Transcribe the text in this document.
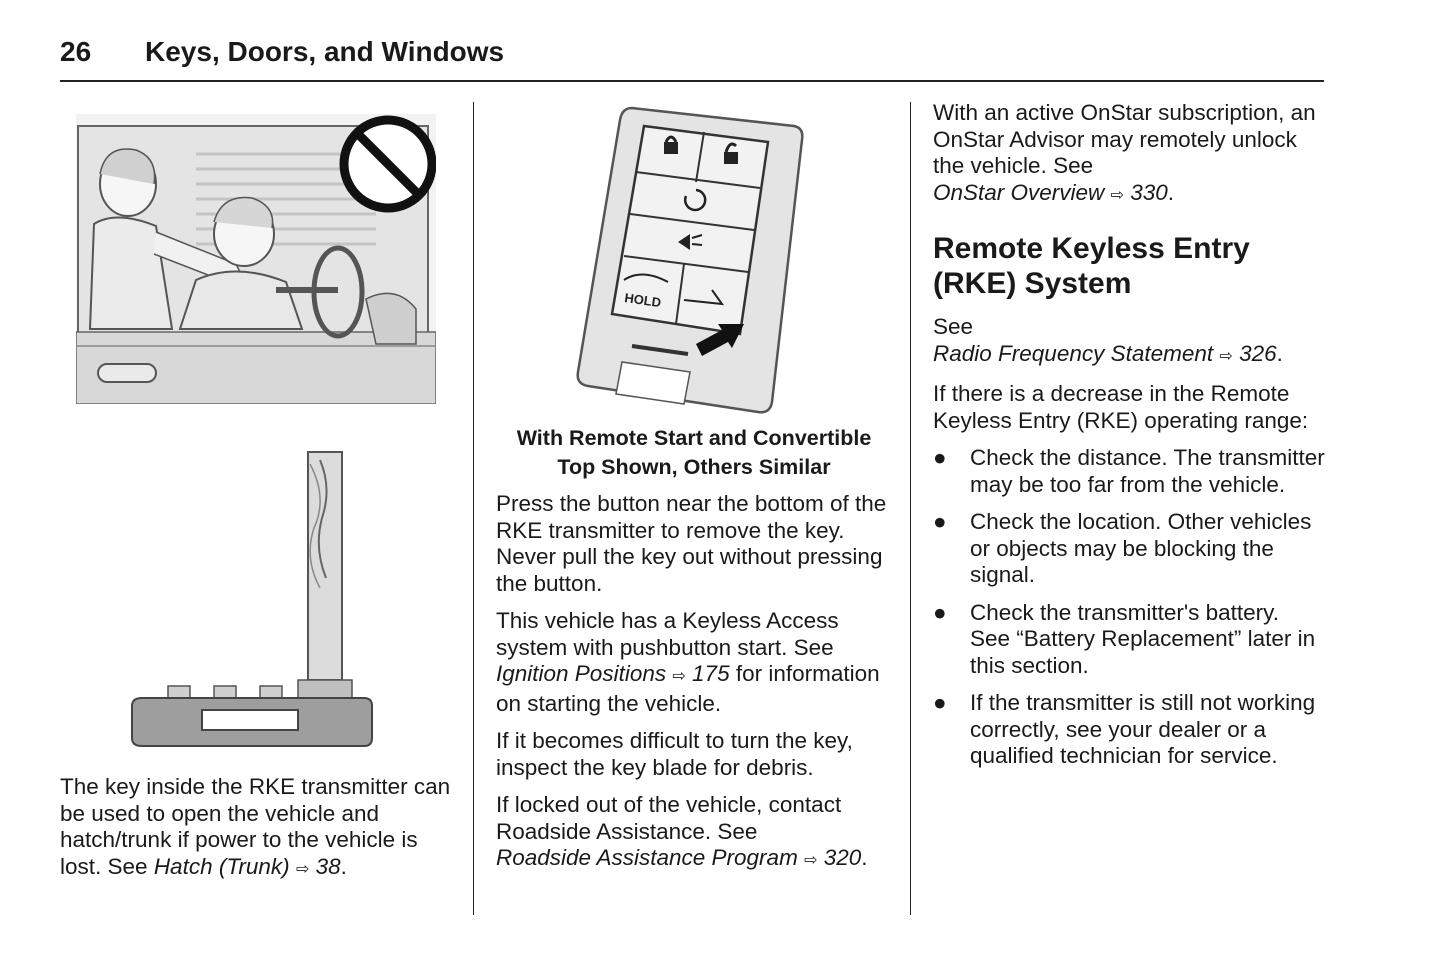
26 Keys, Doors, and Windows
HOLD

The key inside the RKE transmitter can be used to open the vehicle and hatch/trunk if power to the vehicle is lost. See Hatch (Trunk) ⇨ 38.

With Remote Start and Convertible
Top Shown, Others Similar

Press the button near the bottom of the RKE transmitter to remove the key. Never pull the key out without pressing the button.

This vehicle has a Keyless Access system with pushbutton start. See Ignition Positions ⇨ 175 for information on starting the vehicle.

If it becomes difficult to turn the key, inspect the key blade for debris.

If locked out of the vehicle, contact Roadside Assistance. See Roadside Assistance Program ⇨ 320.

With an active OnStar subscription, an OnStar Advisor may remotely unlock the vehicle. See OnStar Overview ⇨ 330.

Remote Keyless Entry (RKE) System

See Radio Frequency Statement ⇨ 326.

If there is a decrease in the Remote Keyless Entry (RKE) operating range:

● Check the distance. The transmitter may be too far from the vehicle.
● Check the location. Other vehicles or objects may be blocking the signal.
● Check the transmitter's battery. See “Battery Replacement” later in this section.
● If the transmitter is still not working correctly, see your dealer or a qualified technician for service.
